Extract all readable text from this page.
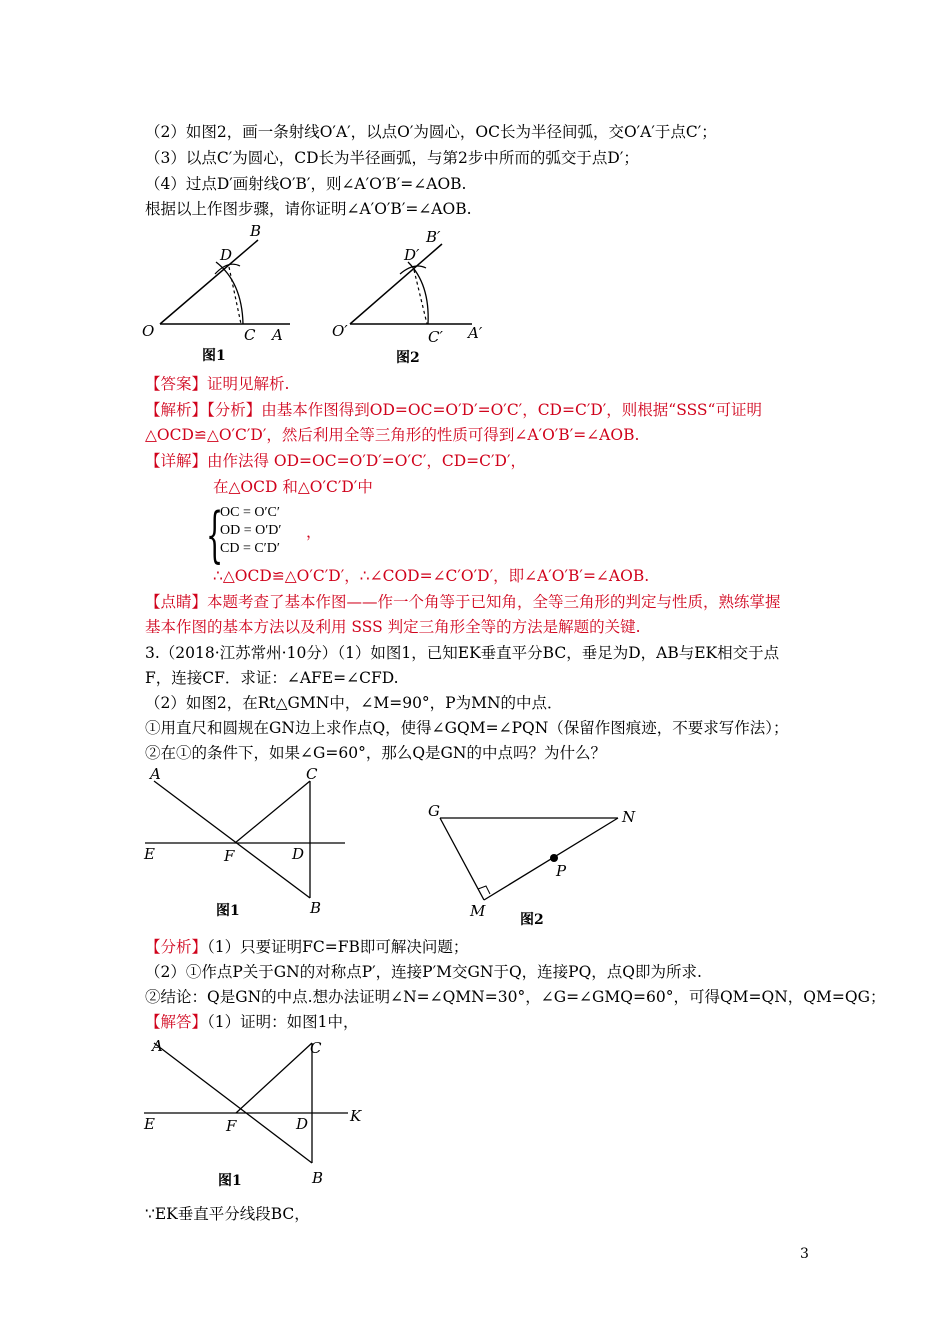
（2）如图2，画一条射线O′A′，以点O′为圆心，OC长为半径间弧，交O′A′于点C′；
（3）以点C′为圆心，CD长为半径画弧，与第2步中所而的弧交于点D′；
（4）过点D′画射线O′B′，则∠A′O′B′=∠AOB.
根据以上作图步骤，请你证明∠A′O′B′=∠AOB.
O	C A
B
D
图1
O′	C′ A′
B′
D′
图2
【答案】证明见解析.
【解析】【分析】由基本作图得到OD=OC=O′D′=O′C′，CD=C′D′，则根据“SSS“可证明
△OCD≌△O′C′D′，然后利用全等三角形的性质可得到∠A′O′B′=∠AOB.
【详解】由作法得 OD=OC=O′D′=O′C′，CD=C′D′，
在△OCD 和△O′C′D′中
{
OC = O′C′
OD = O′D′
CD = C′D′
，
∴△OCD≌△O′C′D′，∴∠COD=∠C′O′D′，即∠A′O′B′=∠AOB.
【点睛】本题考查了基本作图——作一个角等于已知角，全等三角形的判定与性质，熟练掌握
基本作图的基本方法以及利用 SSS 判定三角形全等的方法是解题的关键.
3.（2018·江苏常州·10分）（1）如图1，已知EK垂直平分BC，垂足为D，AB与EK相交于点
F，连接CF．求证：∠AFE=∠CFD.
（2）如图2，在Rt△GMN中，∠M=90°，P为MN的中点．
①用直尺和圆规在GN边上求作点Q，使得∠GQM=∠PQN（保留作图痕迹，不要求写作法）；
②在①的条件下，如果∠G=60°，那么Q是GN的中点吗？为什么？
A	C
E	F	D
B
图1
G	N
P
M 图2
【分析】（1）只要证明FC=FB即可解决问题；
（2）①作点P关于GN的对称点P′，连接P′M交GN于Q，连接PQ，点Q即为所求.
②结论：Q是GN的中点.想办法证明∠N=∠QMN=30°，∠G=∠GMQ=60°，可得QM=QN，QM=QG；
【解答】（1）证明：如图1中，
A	C
E	F	D	K
B
图1
∵EK垂直平分线段BC，
3
